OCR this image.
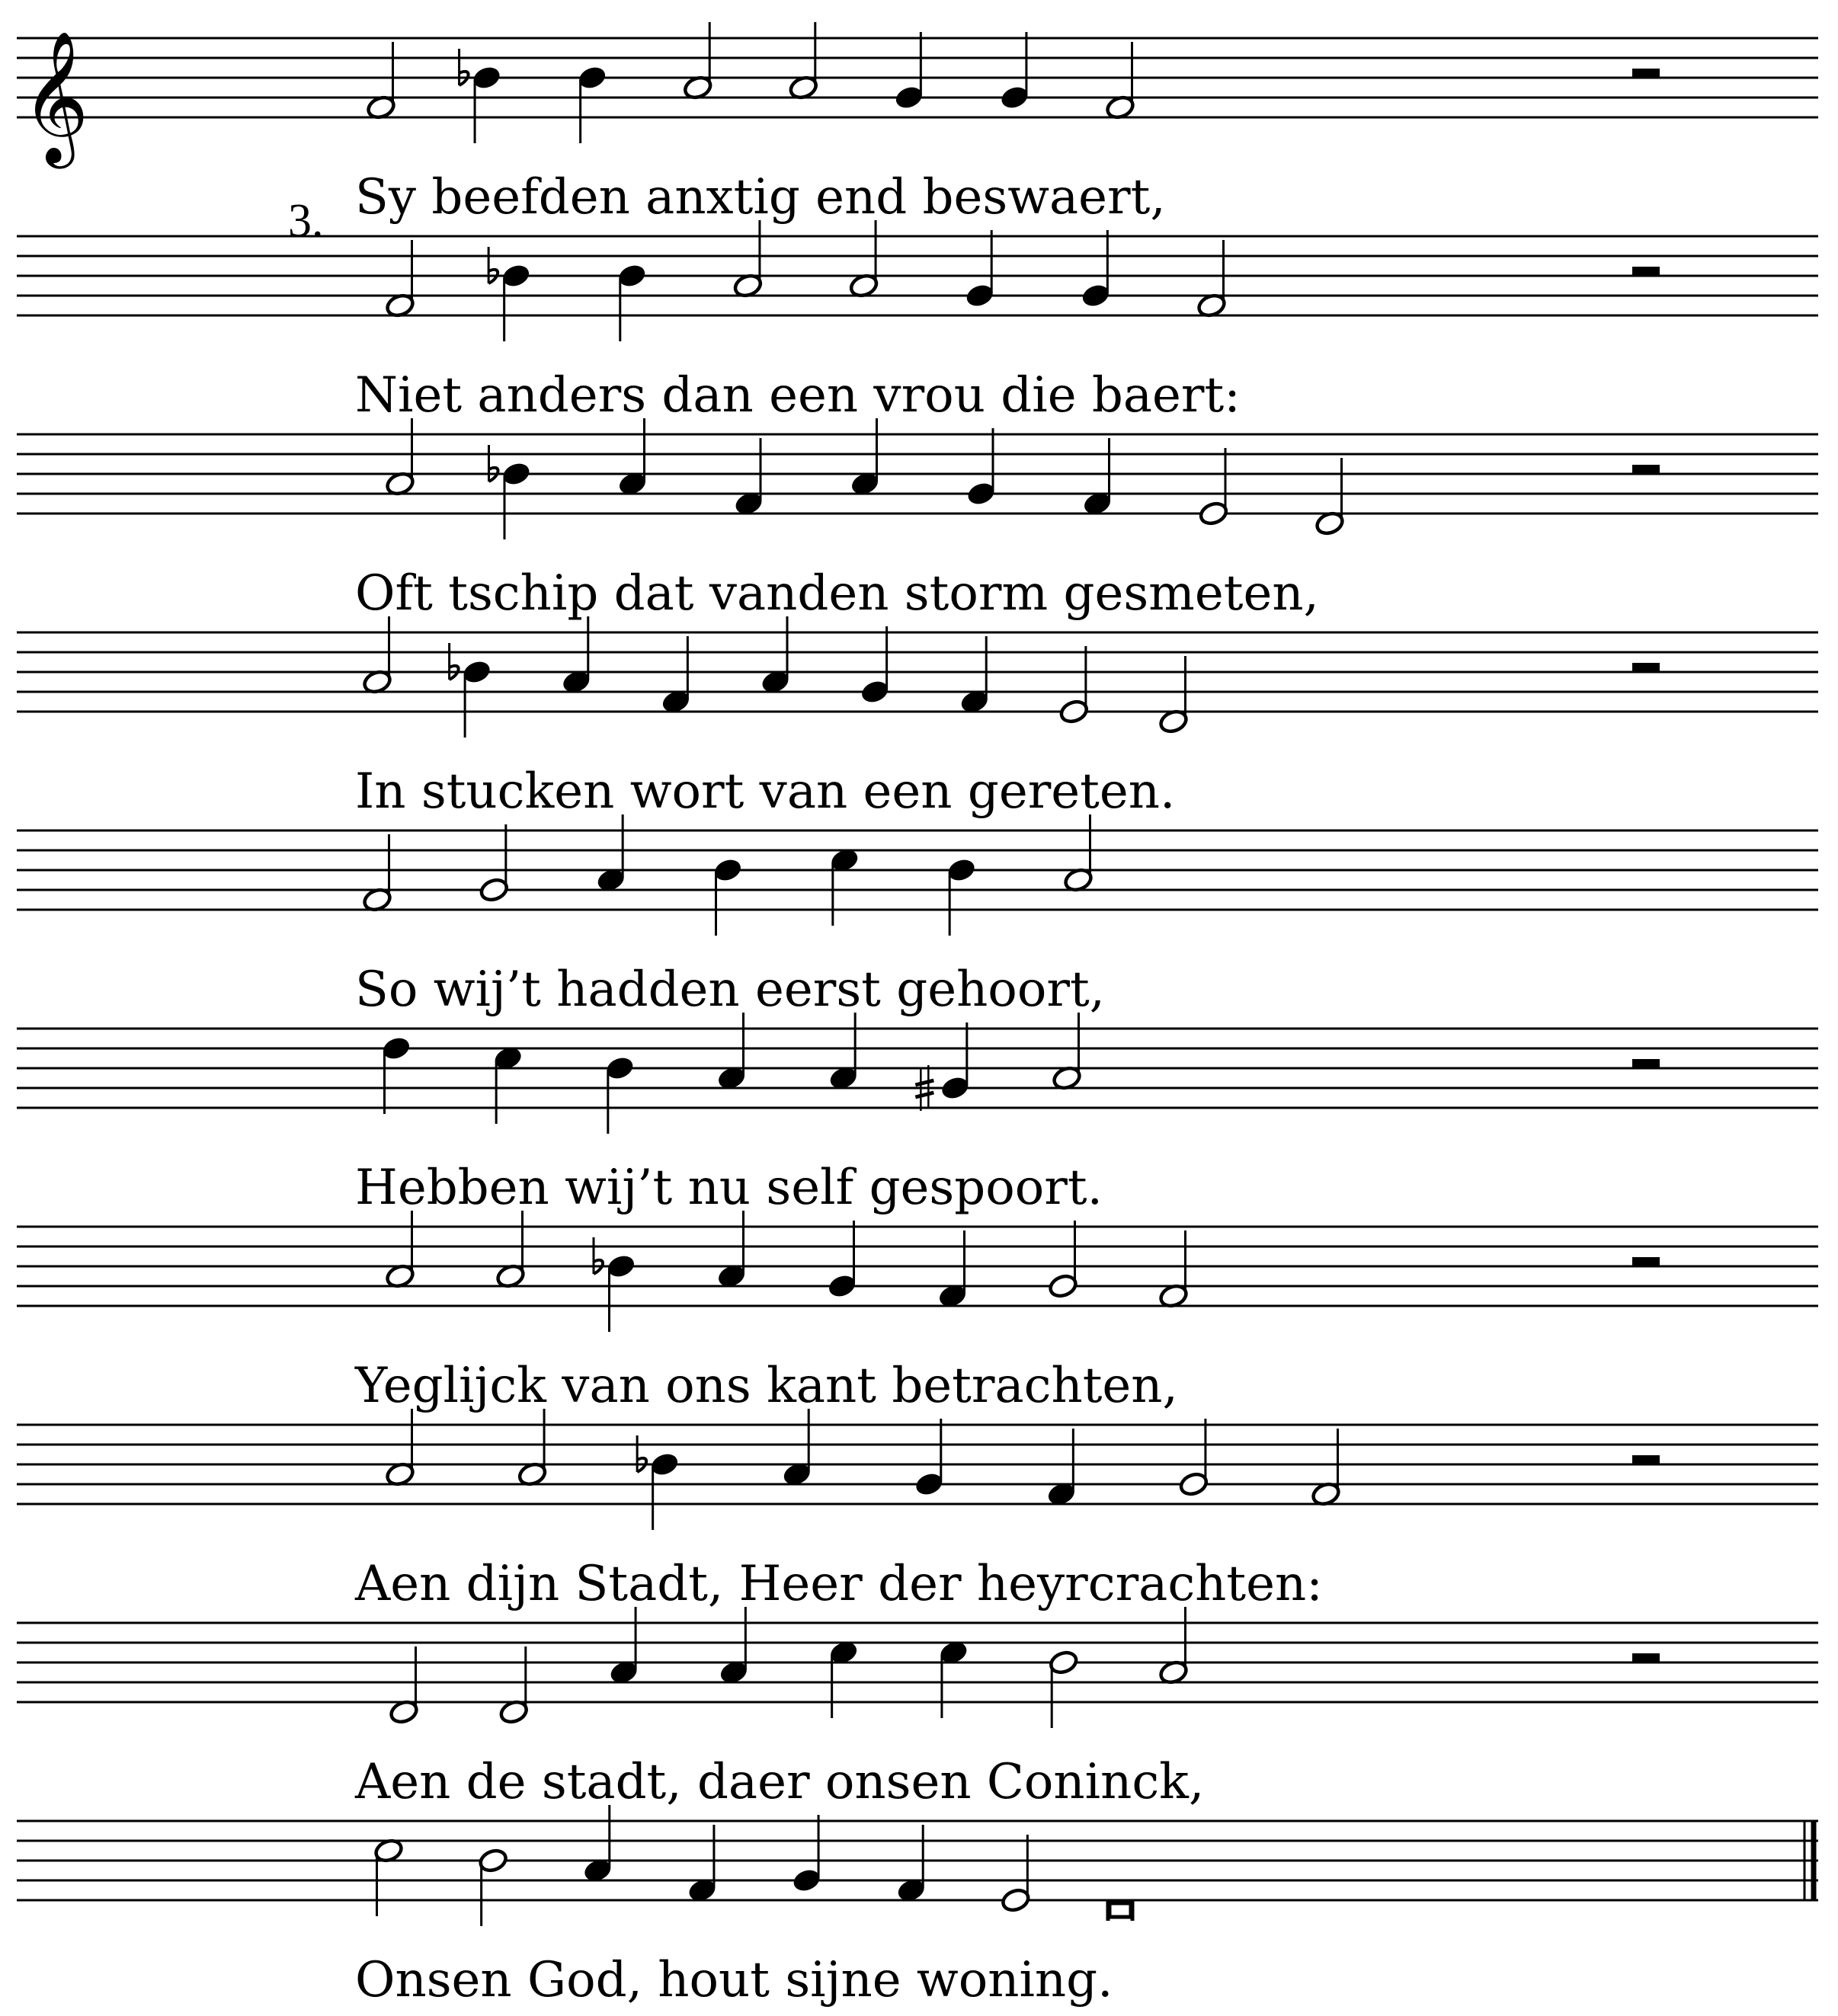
𝄞
3. Sy beefden anxtig end beswaert,
Niet anders dan een vrou die baert:
Oft tschip dat vanden storm gesmeten,
In stucken wort van een gereten.
So wij’t hadden eerst gehoort,
Hebben wij’t nu self gespoort.
Yeglijck van ons kant betrachten,
Aen dijn Stadt, Heer der heyrcrachten:
Aen de stadt, daer onsen Coninck,
Onsen God, hout sijne woning.
